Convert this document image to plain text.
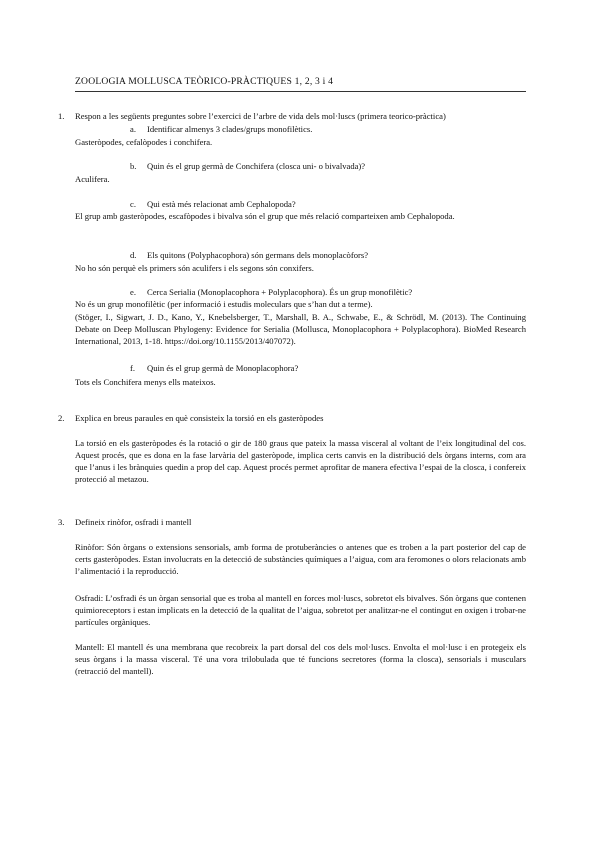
ZOOLOGIA MOLLUSCA TEÒRICO-PRÀCTIQUES 1, 2, 3 i 4
1. Respon a les següents preguntes sobre l’exercici de l’arbre de vida dels mol·luscs (primera teorico-pràctica)
a. Identificar almenys 3 clades/grups monofilètics.
Gasteròpodes, cefalòpodes i conchifera.
b. Quin és el grup germà de Conchifera (closca uni- o bivalvada)?
Aculifera.
c. Qui està més relacionat amb Cephalopoda?
El grup amb gasteròpodes, escafòpodes i bivalva són el grup que més relació comparteixen amb Cephalopoda.
d. Els quitons (Polyphacophora) són germans dels monoplacòfors?
No ho són perquè els primers són aculifers i els segons són conxifers.
e. Cerca Serialia (Monoplacophora + Polyplacophora). És un grup monofilètic?
No és un grup monofilètic (per informació i estudis moleculars que s’han dut a terme).
(Stöger, I., Sigwart, J. D., Kano, Y., Knebelsberger, T., Marshall, B. A., Schwabe, E., & Schrödl, M. (2013). The Continuing Debate on Deep Molluscan Phylogeny: Evidence for Serialia (Mollusca, Monoplacophora + Polyplacophora). BioMed Research International, 2013, 1-18. https://doi.org/10.1155/2013/407072).
f. Quin és el grup germà de Monoplacophora?
Tots els Conchifera menys ells mateixos.
2. Explica en breus paraules en què consisteix la torsió en els gasteròpodes
La torsió en els gasteròpodes és la rotació o gir de 180 graus que pateix la massa visceral al voltant de l’eix longitudinal del cos. Aquest procés, que es dona en la fase larvària del gasteròpode, implica certs canvis en la distribució dels òrgans interns, com ara que l’anus i les brànquies quedin a prop del cap. Aquest procés permet aprofitar de manera efectiva l’espai de la closca, i confereix protecció al metazou.
3. Defineix rinòfor, osfradi i mantell
Rinòfor: Són òrgans o extensions sensorials, amb forma de protuberàncies o antenes que es troben a la part posterior del cap de certs gasteròpodes. Estan involucrats en la detecció de substàncies químiques a l’aigua, com ara feromones o olors relacionats amb l’alimentació i la reproducció.
Osfradi: L’osfradi és un òrgan sensorial que es troba al mantell en forces mol·luscs, sobretot els bivalves. Són òrgans que contenen quimioreceptors i estan implicats en la detecció de la qualitat de l’aigua, sobretot per analitzar-ne el contingut en oxigen i trobar-ne partícules orgàniques.
Mantell: El mantell és una membrana que recobreix la part dorsal del cos dels mol·luscs. Envolta el mol·lusc i en protegeix els seus òrgans i la massa visceral. Té una vora trilobulada que té funcions secretores (forma la closca), sensorials i musculars (retracció del mantell).
